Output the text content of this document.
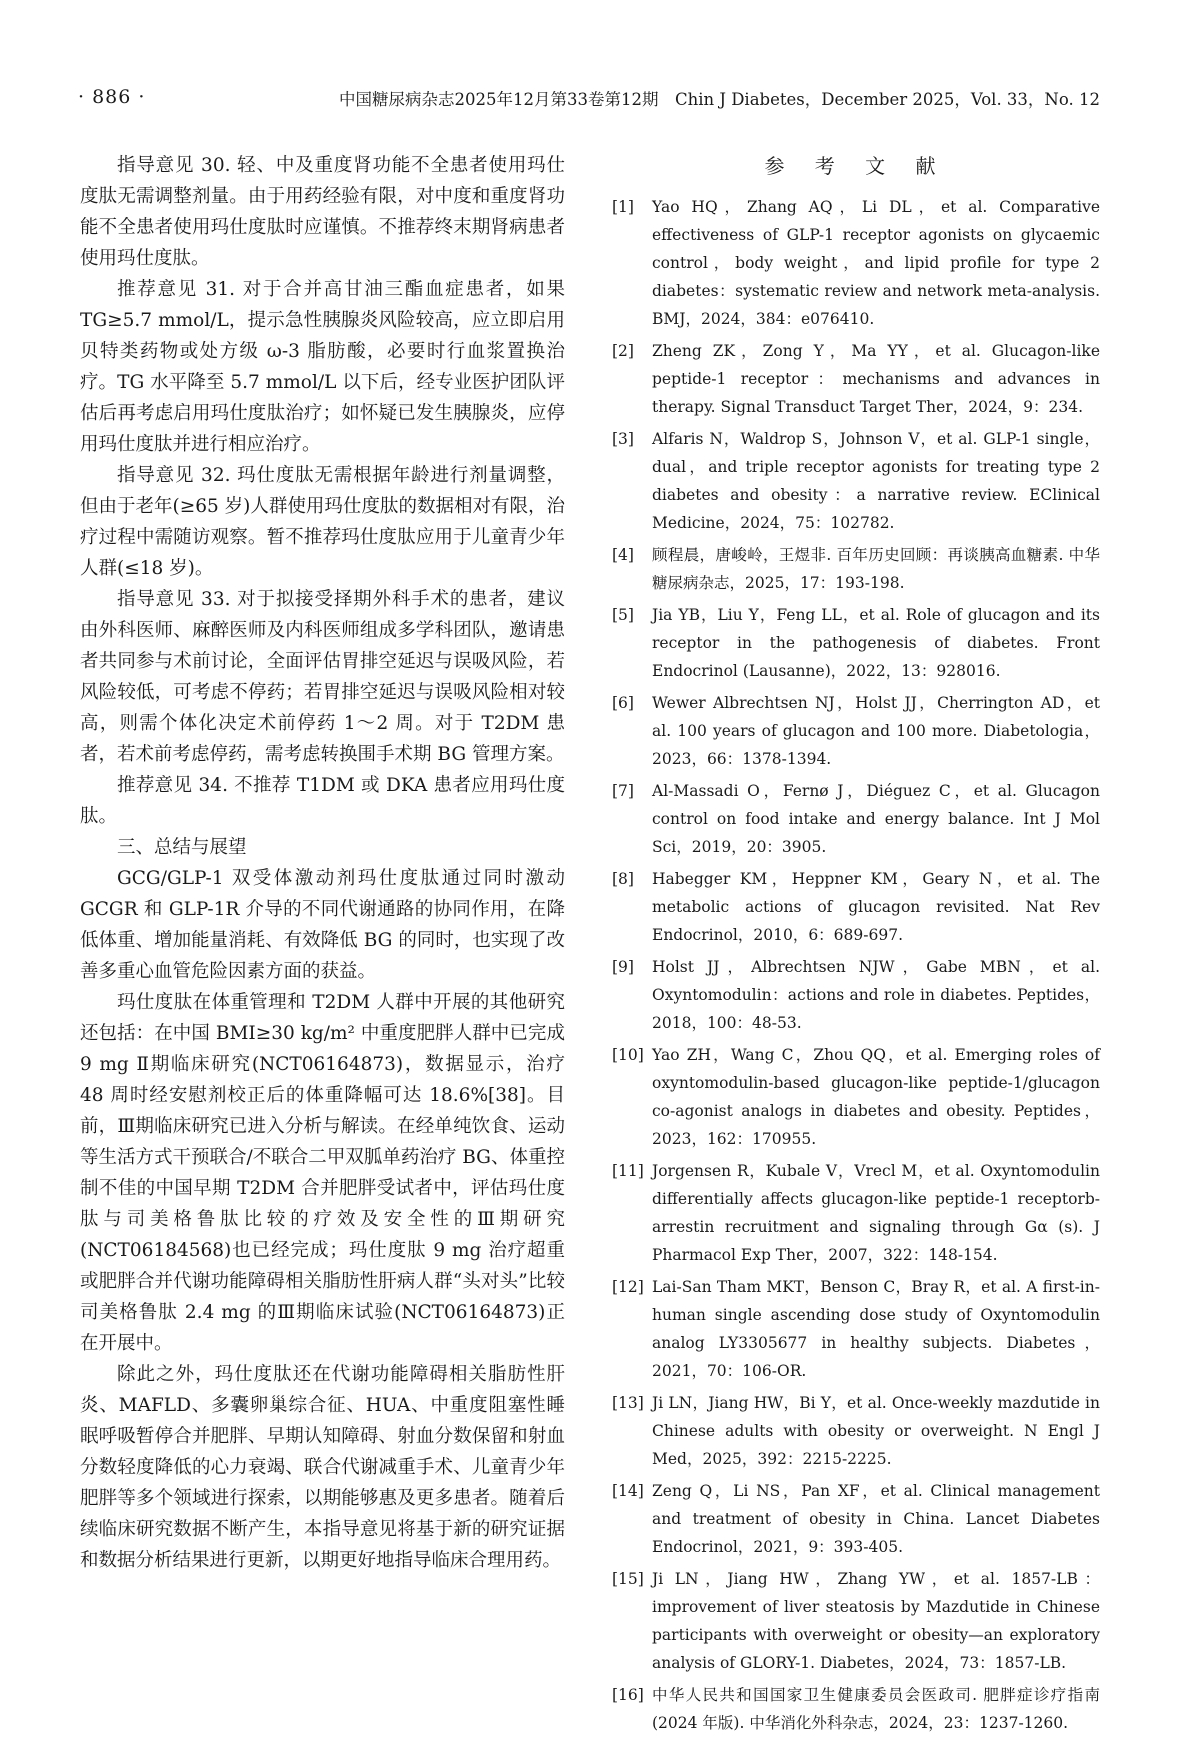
· 886 ·	中国糖尿病杂志2025年12月第33卷第12期　Chin J Diabetes，December 2025，Vol. 33，No. 12

指导意见 30. 轻、中及重度肾功能不全患者使用玛仕度肽无需调整剂量。由于用药经验有限，对中度和重度肾功能不全患者使用玛仕度肽时应谨慎。不推荐终末期肾病患者使用玛仕度肽。

推荐意见 31. 对于合并高甘油三酯血症患者，如果TG≥5.7 mmol/L，提示急性胰腺炎风险较高，应立即启用贝特类药物或处方级 ω-3 脂肪酸，必要时行血浆置换治疗。TG 水平降至 5.7 mmol/L 以下后，经专业医护团队评估后再考虑启用玛仕度肽治疗；如怀疑已发生胰腺炎，应停用玛仕度肽并进行相应治疗。

指导意见 32. 玛仕度肽无需根据年龄进行剂量调整，但由于老年(≥65 岁)人群使用玛仕度肽的数据相对有限，治疗过程中需随访观察。暂不推荐玛仕度肽应用于儿童青少年人群(≤18 岁)。

指导意见 33. 对于拟接受择期外科手术的患者，建议由外科医师、麻醉医师及内科医师组成多学科团队，邀请患者共同参与术前讨论，全面评估胃排空延迟与误吸风险，若风险较低，可考虑不停药；若胃排空延迟与误吸风险相对较高，则需个体化决定术前停药 1～2 周。对于 T2DM 患者，若术前考虑停药，需考虑转换围手术期 BG 管理方案。

推荐意见 34. 不推荐 T1DM 或 DKA 患者应用玛仕度肽。

三、总结与展望

GCG/GLP-1 双受体激动剂玛仕度肽通过同时激动 GCGR 和 GLP-1R 介导的不同代谢通路的协同作用，在降低体重、增加能量消耗、有效降低 BG 的同时，也实现了改善多重心血管危险因素方面的获益。

玛仕度肽在体重管理和 T2DM 人群中开展的其他研究还包括：在中国 BMI≥30 kg/m² 中重度肥胖人群中已完成 9 mg Ⅱ期临床研究(NCT06164873)，数据显示，治疗 48 周时经安慰剂校正后的体重降幅可达 18.6%[38]。目前，Ⅲ期临床研究已进入分析与解读。在经单纯饮食、运动等生活方式干预联合/不联合二甲双胍单药治疗 BG、体重控制不佳的中国早期 T2DM 合并肥胖受试者中，评估玛仕度肽与司美格鲁肽比较的疗效及安全性的Ⅲ期研究(NCT06184568)也已经完成；玛仕度肽 9 mg 治疗超重或肥胖合并代谢功能障碍相关脂肪性肝病人群“头对头”比较司美格鲁肽 2.4 mg 的Ⅲ期临床试验(NCT06164873)正在开展中。

除此之外，玛仕度肽还在代谢功能障碍相关脂肪性肝炎、MAFLD、多囊卵巢综合征、HUA、中重度阻塞性睡眠呼吸暂停合并肥胖、早期认知障碍、射血分数保留和射血分数轻度降低的心力衰竭、联合代谢减重手术、儿童青少年肥胖等多个领域进行探索，以期能够惠及更多患者。随着后续临床研究数据不断产生，本指导意见将基于新的研究证据和数据分析结果进行更新，以期更好地指导临床合理用药。

参 考 文 献
[1]	Yao HQ，Zhang AQ，Li DL，et al. Comparative effectiveness of GLP-1 receptor agonists on glycaemic control，body weight，and lipid profile for type 2 diabetes：systematic review and network meta-analysis. BMJ，2024，384：e076410.
[2]	Zheng ZK，Zong Y，Ma YY，et al. Glucagon-like peptide-1 receptor：mechanisms and advances in therapy. Signal Transduct Target Ther，2024，9：234.
[3]	Alfaris N，Waldrop S，Johnson V，et al. GLP-1 single，dual，and triple receptor agonists for treating type 2 diabetes and obesity：a narrative review. EClinical Medicine，2024，75：102782.
[4]	顾程晨，唐峻岭，王煜非. 百年历史回顾：再谈胰高血糖素. 中华糖尿病杂志，2025，17：193-198.
[5]	Jia YB，Liu Y，Feng LL，et al. Role of glucagon and its receptor in the pathogenesis of diabetes. Front Endocrinol (Lausanne)，2022，13：928016.
[6]	Wewer Albrechtsen NJ，Holst JJ，Cherrington AD，et al. 100 years of glucagon and 100 more. Diabetologia，2023，66：1378-1394.
[7]	Al-Massadi O，Fernø J，Diéguez C，et al. Glucagon control on food intake and energy balance. Int J Mol Sci，2019，20：3905.
[8]	Habegger KM，Heppner KM，Geary N，et al. The metabolic actions of glucagon revisited. Nat Rev Endocrinol，2010，6：689-697.
[9]	Holst JJ，Albrechtsen NJW，Gabe MBN，et al. Oxyntomodulin：actions and role in diabetes. Peptides，2018，100：48-53.
[10] Yao ZH，Wang C，Zhou QQ，et al. Emerging roles of oxyntomodulin-based glucagon-like peptide-1/glucagon co-agonist analogs in diabetes and obesity. Peptides，2023，162：170955.
[11] Jorgensen R，Kubale V，Vrecl M，et al. Oxyntomodulin differentially affects glucagon-like peptide-1 receptorb-arrestin recruitment and signaling through Gα (s). J Pharmacol Exp Ther，2007，322：148-154.
[12] Lai-San Tham MKT，Benson C，Bray R，et al. A first-in-human single ascending dose study of Oxyntomodulin analog LY3305677 in healthy subjects. Diabetes，2021，70：106-OR.
[13] Ji LN，Jiang HW，Bi Y，et al. Once-weekly mazdutide in Chinese adults with obesity or overweight. N Engl J Med，2025，392：2215-2225.
[14] Zeng Q，Li NS，Pan XF，et al. Clinical management and treatment of obesity in China. Lancet Diabetes Endocrinol，2021，9：393-405.
[15] Ji LN，Jiang HW，Zhang YW，et al. 1857-LB：improvement of liver steatosis by Mazdutide in Chinese participants with overweight or obesity—an exploratory analysis of GLORY-1. Diabetes，2024，73：1857-LB.
[16] 中华人民共和国国家卫生健康委员会医政司. 肥胖症诊疗指南(2024 年版). 中华消化外科杂志，2024，23：1237-1260.
